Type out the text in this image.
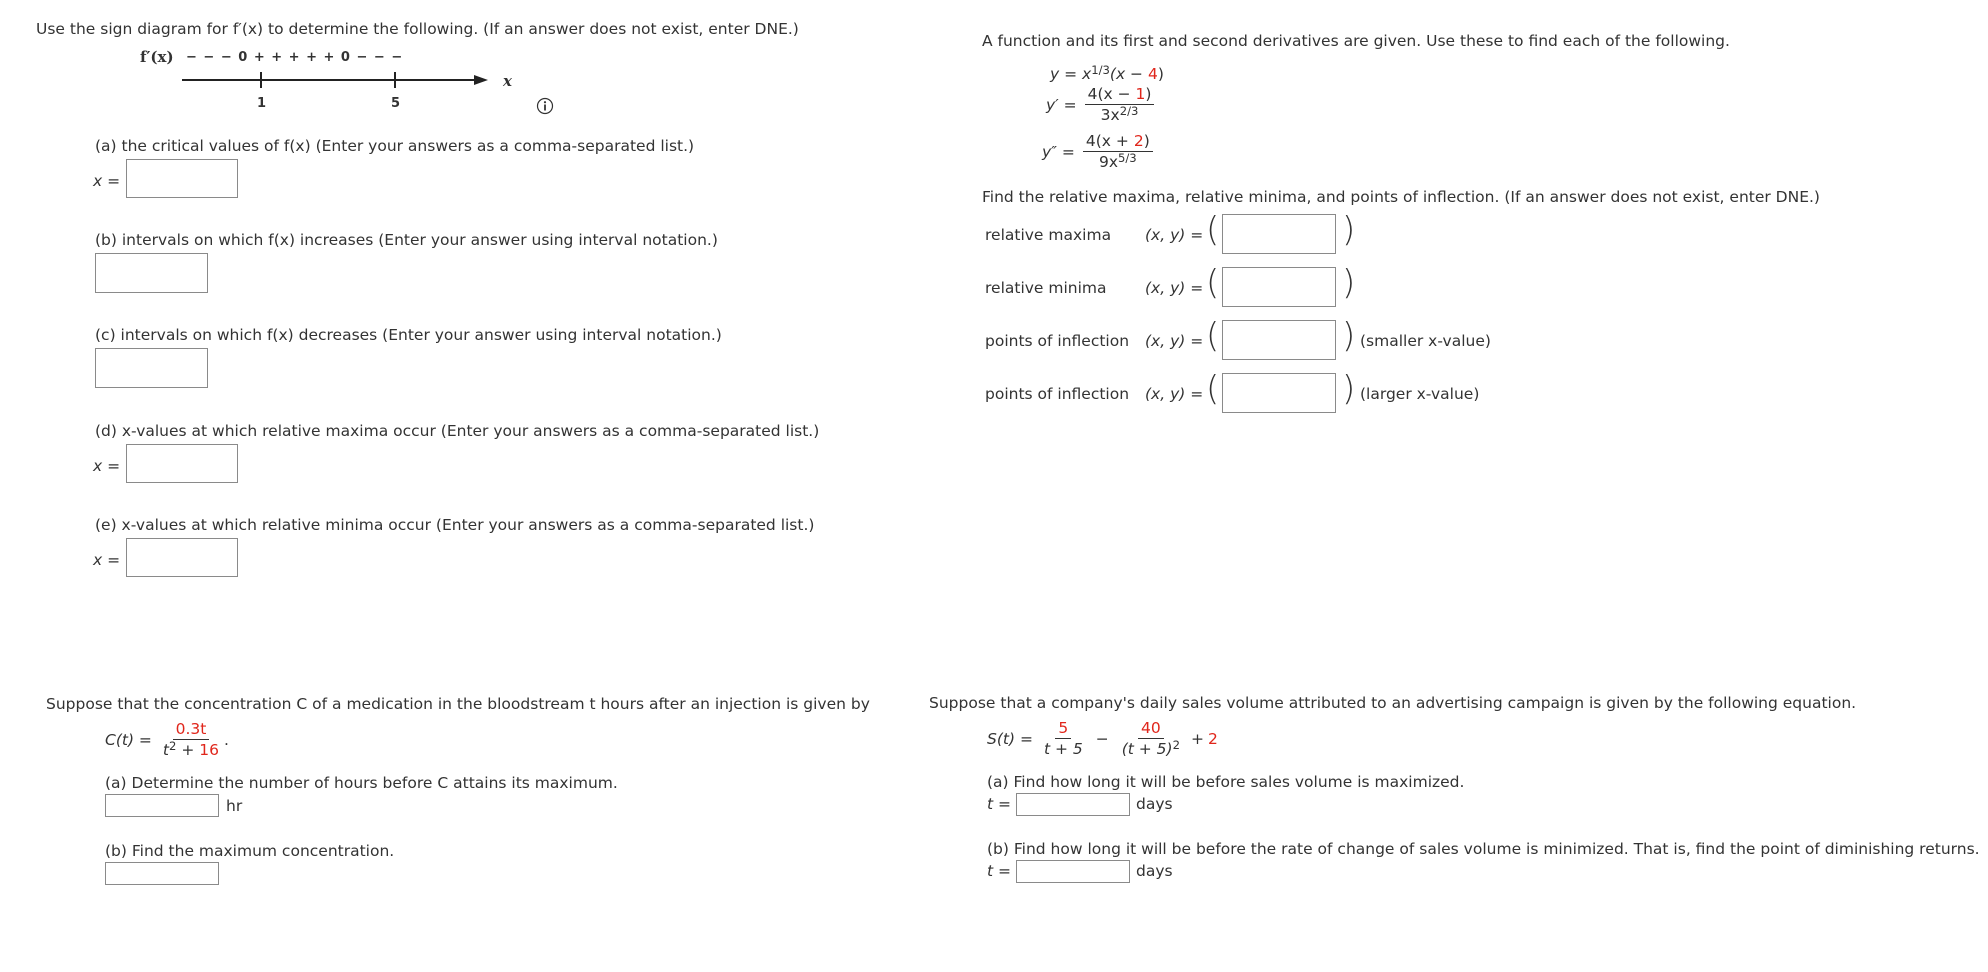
Use the sign diagram for f′(x) to determine the following. (If an answer does not exist, enter DNE.)
f′(x) − − − 0 + + + + + 0 − − −
x
1	5
(a) the critical values of f(x) (Enter your answers as a comma-separated list.)
x =
(b) intervals on which f(x) increases (Enter your answer using interval notation.)
(c) intervals on which f(x) decreases (Enter your answer using interval notation.)
(d) x-values at which relative maxima occur (Enter your answers as a comma-separated list.)
x =
(e) x-values at which relative minima occur (Enter your answers as a comma-separated list.)
x =
A function and its first and second derivatives are given. Use these to find each of the following.
$y = x^{1/3}(x - 4)$
$y' = \frac{4(x - 1)}{3x^{2/3}}$
$y'' = \frac{4(x + 2)}{9x^{5/3}}$
Find the relative maxima, relative minima, and points of inflection. (If an answer does not exist, enter DNE.)
relative maxima (x, y) = (	)
relative minima (x, y) = (	)
points of inflection (x, y) = (	) (smaller x-value)
points of inflection (x, y) = (	) (larger x-value)
Suppose that the concentration C of a medication in the bloodstream t hours after an injection is given by
$C(t) = \frac{0.3t}{t^2 + 16}$ .
(a) Determine the number of hours before C attains its maximum.
hr
(b) Find the maximum concentration.
Suppose that a company's daily sales volume attributed to an advertising campaign is given by the following equation.
$S(t) = \frac{5}{t + 5} - \frac{40}{(t + 5)^2} + 2$
(a) Find how long it will be before sales volume is maximized.
t =	days
(b) Find how long it will be before the rate of change of sales volume is minimized. That is, find the point of diminishing returns.
t =	days
